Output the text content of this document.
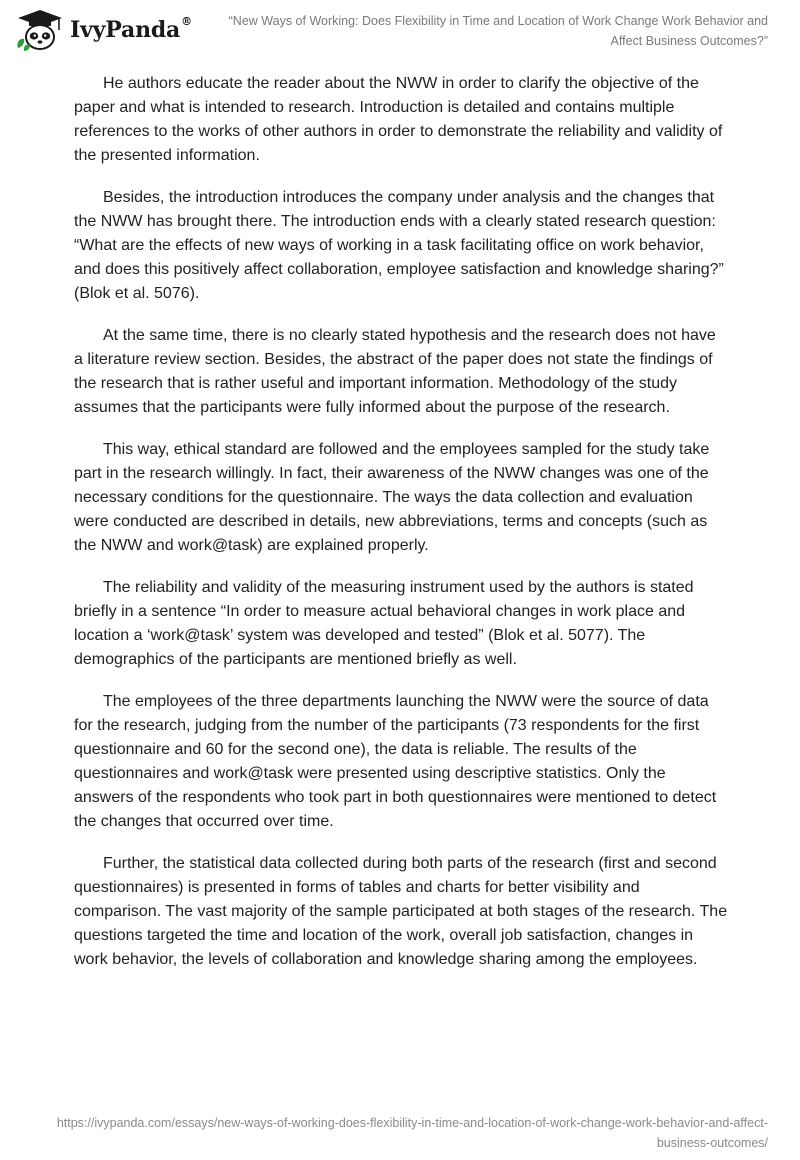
IvyPanda®	“New Ways of Working: Does Flexibility in Time and Location of Work Change Work Behavior and Affect Business Outcomes?”

He authors educate the reader about the NWW in order to clarify the objective of the paper and what is intended to research. Introduction is detailed and contains multiple references to the works of other authors in order to demonstrate the reliability and validity of the presented information.

Besides, the introduction introduces the company under analysis and the changes that the NWW has brought there. The introduction ends with a clearly stated research question: “What are the effects of new ways of working in a task facilitating office on work behavior, and does this positively affect collaboration, employee satisfaction and knowledge sharing?” (Blok et al. 5076).

At the same time, there is no clearly stated hypothesis and the research does not have a literature review section. Besides, the abstract of the paper does not state the findings of the research that is rather useful and important information. Methodology of the study assumes that the participants were fully informed about the purpose of the research.

This way, ethical standard are followed and the employees sampled for the study take part in the research willingly. In fact, their awareness of the NWW changes was one of the necessary conditions for the questionnaire. The ways the data collection and evaluation were conducted are described in details, new abbreviations, terms and concepts (such as the NWW and work@task) are explained properly.

The reliability and validity of the measuring instrument used by the authors is stated briefly in a sentence “In order to measure actual behavioral changes in work place and location a ‘work@task’ system was developed and tested” (Blok et al. 5077). The demographics of the participants are mentioned briefly as well.

The employees of the three departments launching the NWW were the source of data for the research, judging from the number of the participants (73 respondents for the first questionnaire and 60 for the second one), the data is reliable. The results of the questionnaires and work@task were presented using descriptive statistics. Only the answers of the respondents who took part in both questionnaires were mentioned to detect the changes that occurred over time.

Further, the statistical data collected during both parts of the research (first and second questionnaires) is presented in forms of tables and charts for better visibility and comparison. The vast majority of the sample participated at both stages of the research. The questions targeted the time and location of the work, overall job satisfaction, changes in work behavior, the levels of collaboration and knowledge sharing among the employees.

https://ivypanda.com/essays/new-ways-of-working-does-flexibility-in-time-and-location-of-work-change-work-behavior-and-affect-business-outcomes/
